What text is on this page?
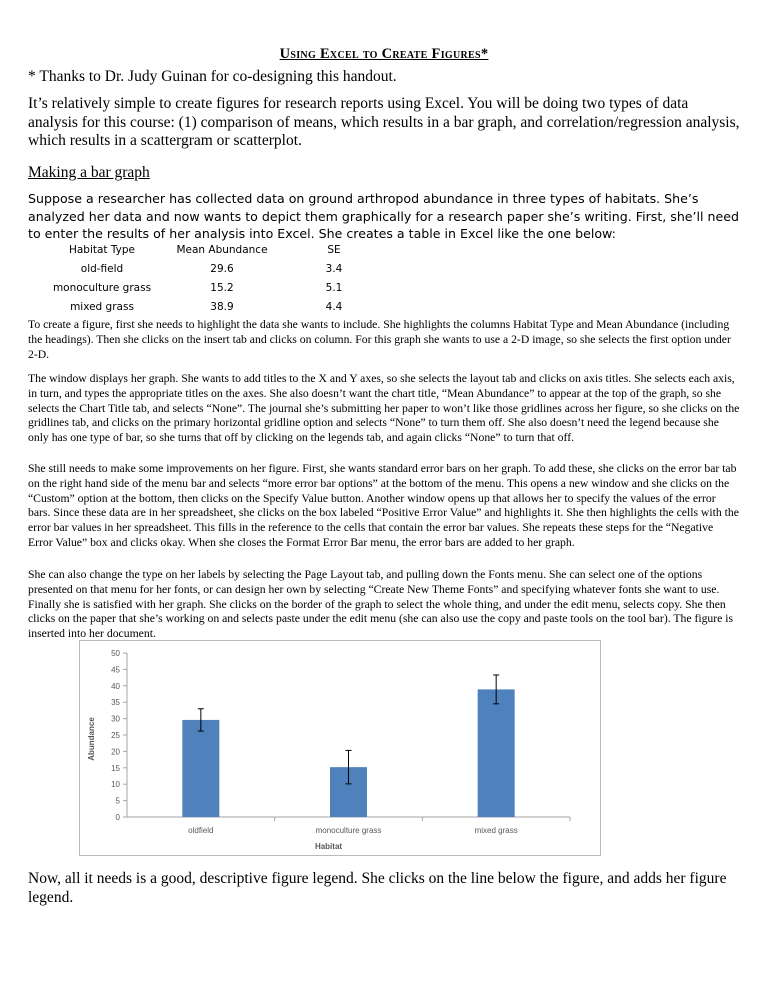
Using Excel to Create Figures*
* Thanks to Dr. Judy Guinan for co-designing this handout.
It’s relatively simple to create figures for research reports using Excel. You will be doing two types of data analysis for this course: (1) comparison of means, which results in a bar graph, and correlation/regression analysis, which results in a scattergram or scatterplot.
Making a bar graph
Suppose a researcher has collected data on ground arthropod abundance in three types of habitats. She’s analyzed her data and now wants to depict them graphically for a research paper she’s writing. First, she’ll need to enter the results of her analysis into Excel. She creates a table in Excel like the one below:
Habitat Type	Mean Abundance	SE
old-field	29.6	3.4
monoculture grass	15.2	5.1
mixed grass	38.9	4.4
To create a figure, first she needs to highlight the data she wants to include. She highlights the columns Habitat Type and Mean Abundance (including the headings). Then she clicks on the insert tab and clicks on column. For this graph she wants to use a 2-D image, so she selects the first option under 2-D.
The window displays her graph. She wants to add titles to the X and Y axes, so she selects the layout tab and clicks on axis titles. She selects each axis, in turn, and types the appropriate titles on the axes. She also doesn’t want the chart title, “Mean Abundance” to appear at the top of the graph, so she selects the Chart Title tab, and selects “None”. The journal she’s submitting her paper to won’t like those gridlines across her figure, so she clicks on the gridlines tab, and clicks on the primary horizontal gridline option and selects “None” to turn them off. She also doesn’t need the legend because she only has one type of bar, so she turns that off by clicking on the legends tab, and again clicks “None” to turn that off.
She still needs to make some improvements on her figure. First, she wants standard error bars on her graph. To add these, she clicks on the error bar tab on the right hand side of the menu bar and selects “more error bar options” at the bottom of the menu. This opens a new window and she clicks on the “Custom” option at the bottom, then clicks on the Specify Value button. Another window opens up that allows her to specify the values of the error bars. Since these data are in her spreadsheet, she clicks on the box labeled “Positive Error Value” and highlights it. She then highlights the cells with the error bar values in her spreadsheet. This fills in the reference to the cells that contain the error bar values. She repeats these steps for the “Negative Error Value” box and clicks okay. When she closes the Format Error Bar menu, the error bars are added to her graph.
She can also change the type on her labels by selecting the Page Layout tab, and pulling down the Fonts menu. She can select one of the options presented on that menu for her fonts, or can design her own by selecting “Create New Theme Fonts” and specifying whatever fonts she want to use. Finally she is satisfied with her graph. She clicks on the border of the graph to select the whole thing, and under the edit menu, selects copy. She then clicks on the paper that she’s working on and selects paste under the edit menu (she can also use the copy and paste tools on the tool bar). The figure is inserted into her document.
0
5
10
15
20
25
30
35
40
45
50
oldfield	monoculture grass	mixed grass
Habitat
Abundance
Now, all it needs is a good, descriptive figure legend. She clicks on the line below the figure, and adds her figure legend.
